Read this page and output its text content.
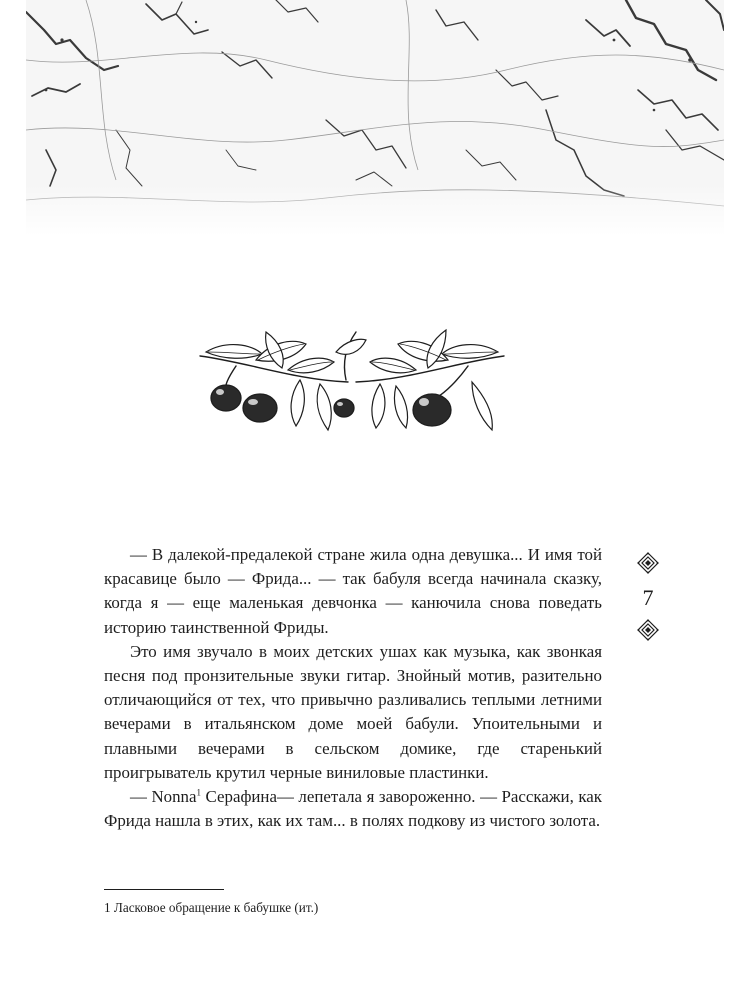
— В далекой-предалекой стране жила одна девушка... И имя той красавице было — Фрида... — так бабуля всегда начинала сказку, когда я — еще маленькая девчонка — канючила снова поведать историю таинственной Фриды.

Это имя звучало в моих детских ушах как музыка, как звонкая песня под пронзительные звуки гитар. Знойный мотив, разительно отличающийся от тех, что привычно разливались теплыми летними вечерами в итальянском доме моей бабули. Упоительными и плавными вечерами в сельском домике, где старенький проигрыватель крутил черные виниловые пластинки.

— Nonna$^1$ Серафина— лепетала я завороженно. — Расскажи, как Фрида нашла в этих, как их там... в полях подкову из чистого золота.

1 Ласковое обращение к бабушке (ит.)
7
